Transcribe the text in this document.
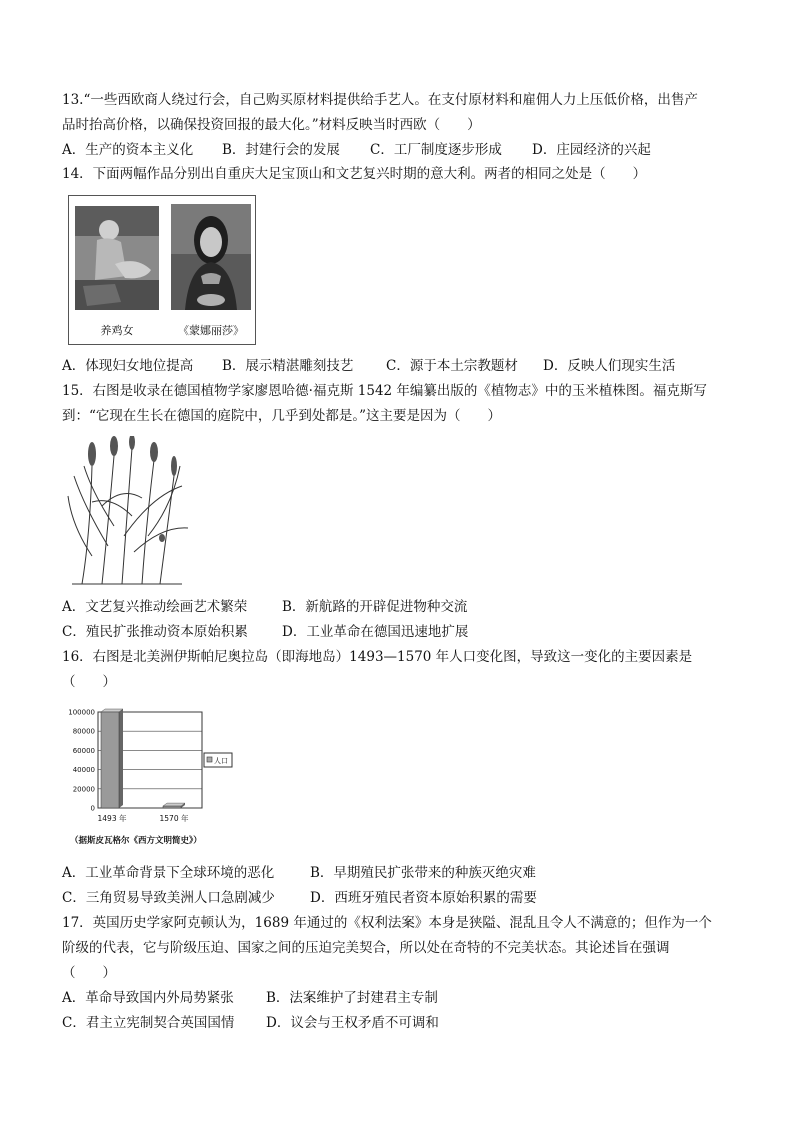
13.“一些西欧商人绕过行会，自己购买原材料提供给手艺人。在支付原材料和雇佣人力上压低价格，出售产
品时抬高价格，以确保投资回报的最大化。”材料反映当时西欧（　　）
A．生产的资本主义化 B．封建行会的发展 C．工厂制度逐步形成 D．庄园经济的兴起
14．下面两幅作品分别出自重庆大足宝顶山和文艺复兴时期的意大利。两者的相同之处是（　　）
养鸡女	《蒙娜丽莎》
A．体现妇女地位提高 B．展示精湛雕刻技艺 C．源于本土宗教题材 D．反映人们现实生活
15．右图是收录在德国植物学家廖恩哈德·福克斯 1542 年编纂出版的《植物志》中的玉米植株图。福克斯写
到：“它现在生长在德国的庭院中，几乎到处都是。”这主要是因为（　　）
A．文艺复兴推动绘画艺术繁荣	B．新航路的开辟促进物种交流
C．殖民扩张推动资本原始积累	D．工业革命在德国迅速地扩展
16．右图是北美洲伊斯帕尼奥拉岛（即海地岛）1493—1570 年人口变化图，导致这一变化的主要因素是
（　　）
100000
80000
60000
40000
20000
0
1493 年	1570 年
人口
（据斯皮瓦格尔《西方文明简史》）
A．工业革命背景下全球环境的恶化	B．早期殖民扩张带来的种族灭绝灾难
C．三角贸易导致美洲人口急剧减少	D．西班牙殖民者资本原始积累的需要
17．英国历史学家阿克顿认为，1689 年通过的《权利法案》本身是狭隘、混乱且令人不满意的；但作为一个
阶级的代表，它与阶级压迫、国家之间的压迫完美契合，所以处在奇特的不完美状态。其论述旨在强调
（　　）
A．革命导致国内外局势紧张 B．法案维护了封建君主专制
C．君主立宪制契合英国国情 D．议会与王权矛盾不可调和
